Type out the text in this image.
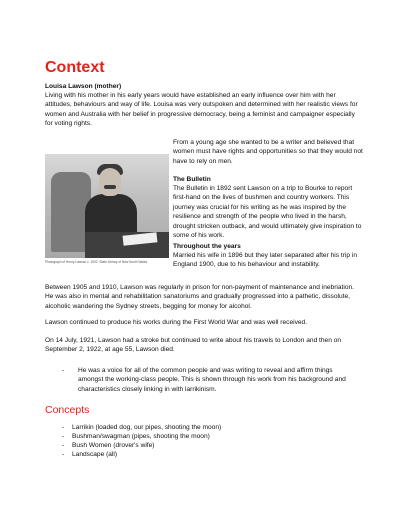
Context

Louisa Lawson (mother)

Living with his mother in his early years would have established an early influence over him with her attitudes, behaviours and way of life. Louisa was very outspoken and determined with her realistic views for women and Australia with her belief in progressive democracy, being a feminist and campaigner especially for voting rights.

Photograph of Henry Lawson c. 1902. State Library of New South Wales

From a young age she wanted to be a writer and believed that women must have rights and opportunities so that they would not have to rely on men.

The Bulletin

The Bulletin in 1892 sent Lawson on a trip to Bourke to report first-hand on the lives of bushmen and country workers. This journey was crucial for his writing as he was inspired by the resilience and strength of the people who lived in the harsh, drought stricken outback, and would ultimately give inspiration to some of his work.

Throughout the years

Married his wife in 1896 but they later separated after his trip in England 1900, due to his behaviour and instability.

Between 1905 and 1910, Lawson was regularly in prison for non-payment of maintenance and inebriation. He was also in mental and rehabilitation sanatoriums and gradually progressed into a pathetic, dissolute, alcoholic wandering the Sydney streets, begging for money for alcohol.

Lawson continued to produce his works during the First World War and was well received.

On 14 July, 1921, Lawson had a stroke but continued to write about his travels to London and then on September 2, 1922, at age 55, Lawson died.

- He was a voice for all of the common people and was writing to reveal and affirm things amongst the working-class people. This is shown through his work from his background and characteristics closely linking in with larrikinism.
Concepts
- Larrikin (loaded dog, our pipes, shooting the moon)
- Bushman/swagman (pipes, shooting the moon)
- Bush Women (drover's wife)
- Landscape (all)
